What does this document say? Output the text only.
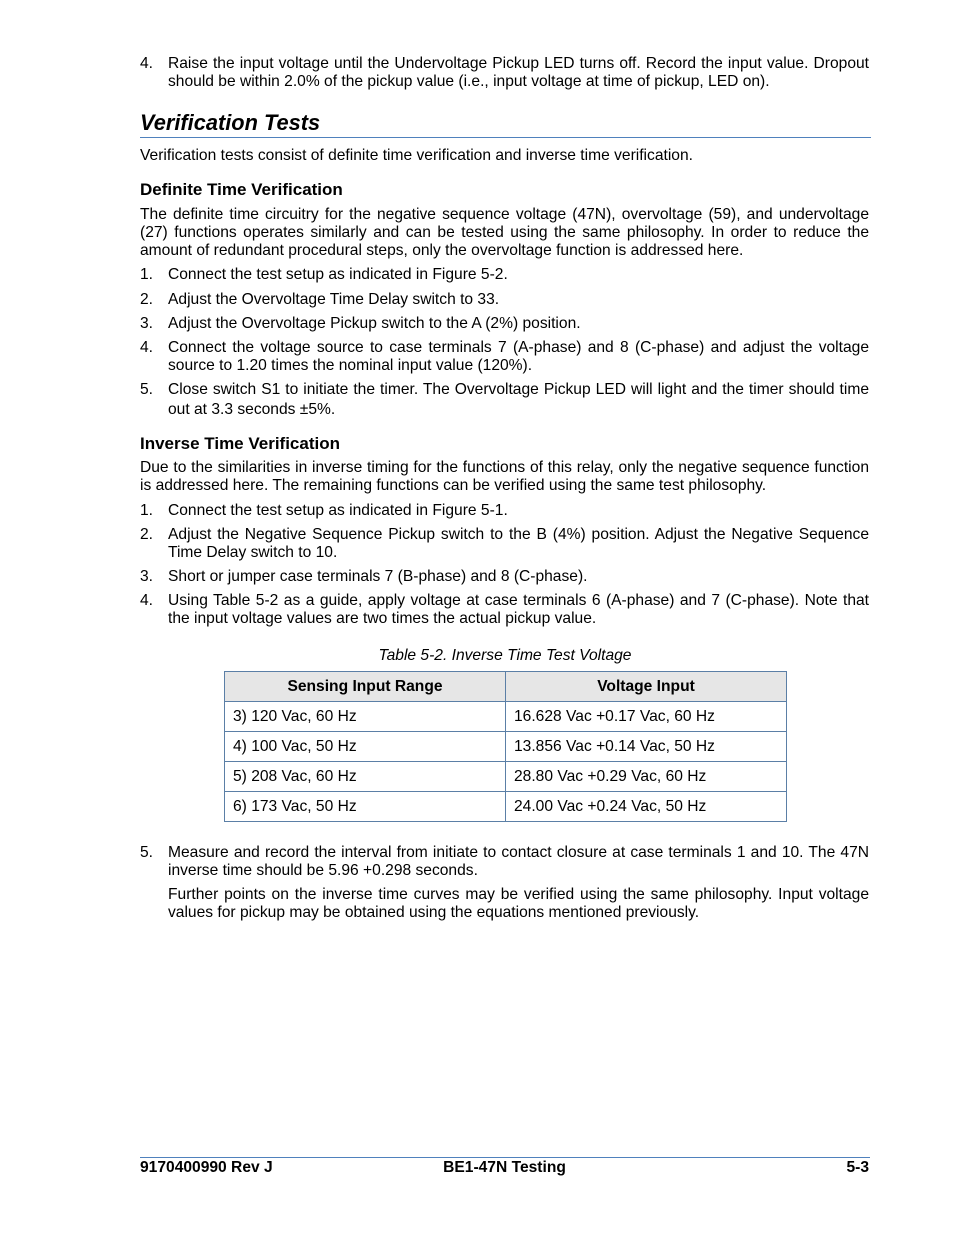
4. Raise the input voltage until the Undervoltage Pickup LED turns off. Record the input value. Dropout should be within 2.0% of the pickup value (i.e., input voltage at time of pickup, LED on).
Verification Tests
Verification tests consist of definite time verification and inverse time verification.
Definite Time Verification
The definite time circuitry for the negative sequence voltage (47N), overvoltage (59), and undervoltage (27) functions operates similarly and can be tested using the same philosophy. In order to reduce the amount of redundant procedural steps, only the overvoltage function is addressed here.
1. Connect the test setup as indicated in Figure 5-2.
2. Adjust the Overvoltage Time Delay switch to 33.
3. Adjust the Overvoltage Pickup switch to the A (2%) position.
4. Connect the voltage source to case terminals 7 (A-phase) and 8 (C-phase) and adjust the voltage source to 1.20 times the nominal input value (120%).
5. Close switch S1 to initiate the timer. The Overvoltage Pickup LED will light and the timer should time out at 3.3 seconds ±5%.
Inverse Time Verification
Due to the similarities in inverse timing for the functions of this relay, only the negative sequence function is addressed here. The remaining functions can be verified using the same test philosophy.
1. Connect the test setup as indicated in Figure 5-1.
2. Adjust the Negative Sequence Pickup switch to the B (4%) position. Adjust the Negative Sequence Time Delay switch to 10.
3. Short or jumper case terminals 7 (B-phase) and 8 (C-phase).
4. Using Table 5-2 as a guide, apply voltage at case terminals 6 (A-phase) and 7 (C-phase). Note that the input voltage values are two times the actual pickup value.
Table 5-2. Inverse Time Test Voltage
Sensing Input Range	Voltage Input
3) 120 Vac, 60 Hz	16.628 Vac +0.17 Vac, 60 Hz
4) 100 Vac, 50 Hz	13.856 Vac +0.14 Vac, 50 Hz
5) 208 Vac, 60 Hz	28.80 Vac +0.29 Vac, 60 Hz
6) 173 Vac, 50 Hz	24.00 Vac +0.24 Vac, 50 Hz
5. Measure and record the interval from initiate to contact closure at case terminals 1 and 10. The 47N inverse time should be 5.96 +0.298 seconds.
Further points on the inverse time curves may be verified using the same philosophy. Input voltage values for pickup may be obtained using the equations mentioned previously.
9170400990 Rev J	BE1-47N Testing	5-3
